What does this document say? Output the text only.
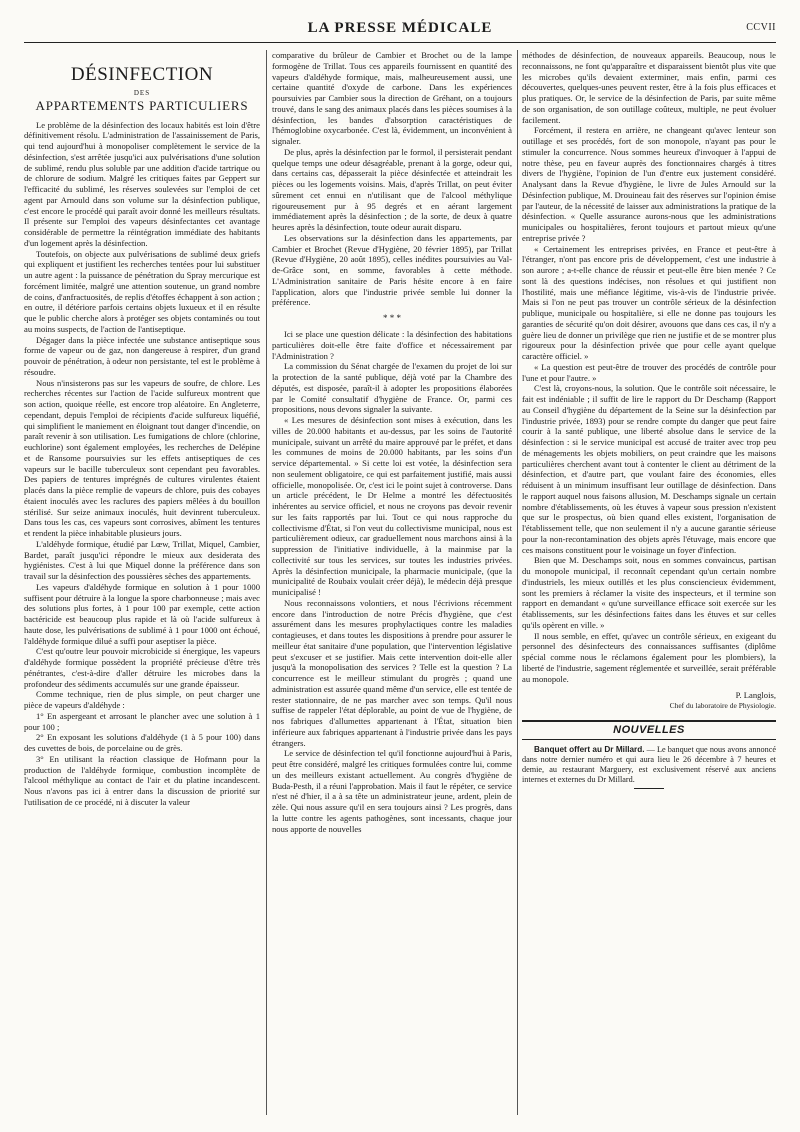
LA PRESSE MÉDICALE	CCVII
DÉSINFECTION
DES
APPARTEMENTS PARTICULIERS

Le problème de la désinfection des locaux habités est loin d'être définitivement résolu. L'administration de l'assainissement de Paris, qui tend aujourd'hui à monopoliser complètement le service de la désinfection, s'est arrêtée jusqu'ici aux pulvérisations d'une solution de sublimé, rendu plus soluble par une addition d'acide tartrique ou de chlorure de sodium. Malgré les critiques faites par Geppert sur l'efficacité du sublimé, les réserves soulevées sur l'emploi de cet agent par Arnould dans son volume sur la désinfection publique, c'est encore le procédé qui paraît avoir donné les meilleurs résultats. Il présente sur l'emploi des vapeurs désinfectantes cet avantage considérable de permettre la réintégration immédiate des habitants d'un logement après la désinfection.

Toutefois, on objecte aux pulvérisations de sublimé deux griefs qui expliquent et justifient les recherches tentées pour lui substituer un autre agent : la puissance de pénétration du Spray mercurique est forcément limitée, malgré une attention soutenue, un grand nombre de coins, d'anfractuosités, de replis d'étoffes échappent à son action ; en outre, il détériore parfois certains objets luxueux et il en résulte que le public cherche alors à protéger ses objets contaminés ou tout au moins suspects, de l'action de l'antiseptique.

Dégager dans la pièce infectée une substance antiseptique sous forme de vapeur ou de gaz, non dangereuse à respirer, d'un grand pouvoir de pénétration, à odeur non persistante, tel est le problème à résoudre.

Nous n'insisterons pas sur les vapeurs de soufre, de chlore. Les recherches récentes sur l'action de l'acide sulfureux montrent que son action, quoique réelle, est encore trop aléatoire. En Angleterre, cependant, depuis l'emploi de récipients d'acide sulfureux liquéfié, qui simplifient le maniement en éloignant tout danger d'incendie, on paraît revenir à son utilisation. Les fumigations de chlore (chlorine, euchlorine) sont également employées, les recherches de Delépine et de Ransome poursuivies sur les effets antiseptiques de ces vapeurs sur le bacille tuberculeux sont cependant peu favorables. Des papiers de tentures imprégnés de cultures virulentes étaient placés dans la pièce remplie de vapeurs de chlore, puis des cobayes étaient inoculés avec les raclures des papiers mêlées à du bouillon stérilisé. Sur seize animaux inoculés, huit devinrent tuberculeux. Dans tous les cas, ces vapeurs sont corrosives, abîment les tentures et rendent la pièce inhabitable plusieurs jours.

L'aldéhyde formique, étudié par Lœw, Trillat, Miquel, Cambier, Bardet, paraît jusqu'ici répondre le mieux aux desiderata des hygiénistes. C'est à lui que Miquel donne la préférence dans son travail sur la désinfection des poussières sèches des appartements.

Les vapeurs d'aldéhyde formique en solution à 1 pour 1000 suffisent pour détruire à la longue la spore charbonneuse ; mais avec des solutions plus fortes, à 1 pour 100 par exemple, cette action bactéricide est beaucoup plus rapide et là où l'acide sulfureux à haute dose, les pulvérisations de sublimé à 1 pour 1000 ont échoué, l'aldéhyde formique dilué a suffi pour aseptiser la pièce.

C'est qu'outre leur pouvoir microbicide si énergique, les vapeurs d'aldéhyde formique possèdent la propriété précieuse d'être très pénétrantes, c'est-à-dire d'aller détruire les microbes dans la profondeur des sédiments accumulés sur une grande épaisseur.

Comme technique, rien de plus simple, on peut charger une pièce de vapeurs d'aldéhyde :

1° En aspergeant et arrosant le plancher avec une solution à 1 pour 100 ;

2° En exposant les solutions d'aldéhyde (1 à 5 pour 100) dans des cuvettes de bois, de porcelaine ou de grès.

3° En utilisant la réaction classique de Hofmann pour la production de l'aldéhyde formique, combustion incomplète de l'alcool méthylique au contact de l'air et du platine incandescent. Nous n'avons pas ici à entrer dans la discussion de priorité sur l'utilisation de ce procédé, ni à discuter la valeur

comparative du brûleur de Cambier et Brochet ou de la lampe formogène de Trillat. Tous ces appareils fournissent en quantité des vapeurs d'aldéhyde formique, mais, malheureusement aussi, une certaine quantité d'oxyde de carbone. Dans les expériences poursuivies par Cambier sous la direction de Gréhant, on a toujours trouvé, dans le sang des animaux placés dans les pièces soumises à la désinfection, les bandes d'absorption caractéristiques de l'hémoglobine oxycarbonée. C'est là, évidemment, un inconvénient à signaler.

De plus, après la désinfection par le formol, il persisterait pendant quelque temps une odeur désagréable, prenant à la gorge, odeur qui, dans certains cas, dépasserait la pièce désinfectée et atteindrait les pièces ou les logements voisins. Mais, d'après Trillat, on peut éviter sûrement cet ennui en n'utilisant que de l'alcool méthylique rigoureusement pur à 95 degrés et en aérant largement immédiatement après la désinfection ; de la sorte, de deux à quatre heures après la désinfection, toute odeur aurait disparu.

Les observations sur la désinfection dans les appartements, par Cambier et Brochet (Revue d'Hygiène, 20 février 1895), par Trillat (Revue d'Hygiène, 20 août 1895), celles inédites poursuivies au Val-de-Grâce sont, en somme, favorables à cette méthode. L'Administration sanitaire de Paris hésite encore à en faire l'application, alors que l'industrie privée semble lui donner la préférence.

* * *

Ici se place une question délicate : la désinfection des habitations particulières doit-elle être faite d'office et nécessairement par l'Administration ?

La commission du Sénat chargée de l'examen du projet de loi sur la protection de la santé publique, déjà voté par la Chambre des députés, est disposée, paraît-il à adopter les propositions élaborées par le Comité consultatif d'hygiène de France. Or, parmi ces propositions, nous devons signaler la suivante.

« Les mesures de désinfection sont mises à exécution, dans les villes de 20.000 habitants et au-dessus, par les soins de l'autorité municipale, suivant un arrêté du maire approuvé par le préfet, et dans les communes de moins de 20.000 habitants, par les soins d'un service départemental. » Si cette loi est votée, la désinfection sera non seulement obligatoire, ce qui est parfaitement justifié, mais aussi officielle, monopolisée. Or, c'est ici le point sujet à controverse. Dans un article précédent, le Dr Helme a montré les défectuosités inhérentes au service officiel, et nous ne croyons pas devoir revenir sur les faits rapportés par lui. Tout ce qui nous rapproche du collectivisme d'État, si l'on veut du collectivisme municipal, nous est particulièrement odieux, car graduellement nous marchons ainsi à la suppression de l'initiative individuelle, à la mainmise par la collectivité sur tous les services, sur toutes les industries privées. Après la désinfection municipale, la pharmacie municipale, (que la municipalité de Roubaix voulait créer déjà), le médecin déjà presque municipalisé !

Nous reconnaissons volontiers, et nous l'écrivions récemment encore dans l'introduction de notre Précis d'hygiène, que c'est assurément dans les mesures prophylactiques contre les maladies contagieuses, et dans toutes les dispositions à prendre pour assurer le meilleur état sanitaire d'une population, que l'intervention législative peut s'excuser et se justifier. Mais cette intervention doit-elle aller jusqu'à la monopolisation des services ? Telle est la question ? La concurrence est le meilleur stimulant du progrès ; quand une administration est assurée quand même d'un service, elle est tentée de rester stationnaire, de ne pas marcher avec son temps. Qu'il nous suffise de rappeler l'état déplorable, au point de vue de l'hygiène, de nos fabriques d'allumettes appartenant à l'État, situation bien inférieure aux fabriques appartenant à l'industrie privée dans les pays étrangers.

Le service de désinfection tel qu'il fonctionne aujourd'hui à Paris, peut être considéré, malgré les critiques formulées contre lui, comme un des meilleurs existant actuellement. Au congrès d'hygiène de Buda-Pesth, il a réuni l'approbation. Mais il faut le répéter, ce service n'est né d'hier, il a à sa tête un administrateur jeune, ardent, plein de zèle. Qui nous assure qu'il en sera toujours ainsi ? Les progrès, dans la lutte contre les agents pathogènes, sont incessants, chaque jour nous apporte de nouvelles

méthodes de désinfection, de nouveaux appareils. Beaucoup, nous le reconnaissons, ne font qu'apparaître et disparaissent bientôt plus vite que les microbes qu'ils devaient exterminer, mais enfin, parmi ces découvertes, quelques-unes peuvent rester, être à la fois plus efficaces et plus pratiques. Or, le service de la désinfection de Paris, par suite même de son organisation, de son outillage coûteux, multiple, ne peut évoluer facilement.

Forcément, il restera en arrière, ne changeant qu'avec lenteur son outillage et ses procédés, fort de son monopole, n'ayant pas pour le stimuler la concurrence. Nous sommes heureux d'invoquer à l'appui de notre thèse, peu en faveur auprès des fonctionnaires chargés à titres divers de l'hygiène, l'opinion de l'un d'entre eux justement considéré. Analysant dans la Revue d'hygiène, le livre de Jules Arnould sur la Désinfection publique, M. Drouineau fait des réserves sur l'opinion émise par l'auteur, de la nécessité de laisser aux administrations la pratique de la désinfection. « Quelle assurance aurons-nous que les administrations municipales ou hospitalières, feront toujours et partout mieux qu'une entreprise privée ?

« Certainement les entreprises privées, en France et peut-être à l'étranger, n'ont pas encore pris de développement, c'est une industrie à son aurore ; a-t-elle chance de réussir et peut-elle être bien menée ? Ce sont là des questions indécises, non résolues et qui justifient non l'hostilité, mais une méfiance légitime, vis-à-vis de l'industrie privée. Mais si l'on ne peut pas trouver un contrôle sérieux de la désinfection publique, municipale ou hospitalière, si elle ne donne pas toujours les garanties de sécurité qu'on doit désirer, avouons que dans ces cas, il n'y a guère lieu de donner un privilège que rien ne justifie et de se montrer plus rigoureux pour la désinfection privée que pour celle ayant quelque caractère officiel. »

« La question est peut-être de trouver des procédés de contrôle pour l'une et pour l'autre. »

C'est là, croyons-nous, la solution. Que le contrôle soit nécessaire, le fait est indéniable ; il suffit de lire le rapport du Dr Deschamp (Rapport au Conseil d'hygiène du département de la Seine sur la désinfection par l'industrie privée, 1893) pour se rendre compte du danger que peut faire courir à la santé publique, une liberté absolue dans le service de la désinfection : si le service municipal est accusé de traiter avec trop peu de ménagements les objets mobiliers, on peut craindre que les maisons particulières cherchent avant tout à contenter le client au détriment de la désinfection, et d'autre part, que voulant faire des économies, elles réduisent à un minimum insuffisant leur outillage de désinfection. Dans le rapport auquel nous faisons allusion, M. Deschamps signale un certain nombre d'établissements, où les étuves à vapeur sous pression n'existent que sur le prospectus, où bien quand elles existent, l'organisation de l'établissement telle, que non seulement il n'y a aucune garantie sérieuse pour la non-recontamination des objets après l'étuvage, mais encore que ces maisons constituent pour le voisinage un foyer d'infection.

Bien que M. Deschamps soit, nous en sommes convaincus, partisan du monopole municipal, il reconnaît cependant qu'un certain nombre d'industriels, les mieux outillés et les plus consciencieux évidemment, sont les premiers à réclamer la visite des inspecteurs, et il termine son rapport en demandant « qu'une surveillance efficace soit exercée sur les établissements, sur les désinfections faites dans les étuves et sur celles qu'ils opèrent en ville. »

Il nous semble, en effet, qu'avec un contrôle sérieux, en exigeant du personnel des désinfecteurs des connaissances suffisantes (diplôme spécial comme nous le réclamons également pour les plombiers), la liberté de l'industrie, sagement réglementée et surveillée, serait préférable au monopole.

P. Langlois,
Chef du laboratoire de Physiologie.
NOUVELLES

Banquet offert au Dr Millard. — Le banquet que nous avons annoncé dans notre dernier numéro et qui aura lieu le 26 décembre à 7 heures et demie, au restaurant Marguery, est exclusivement réservé aux anciens internes et externes du Dr Millard.
